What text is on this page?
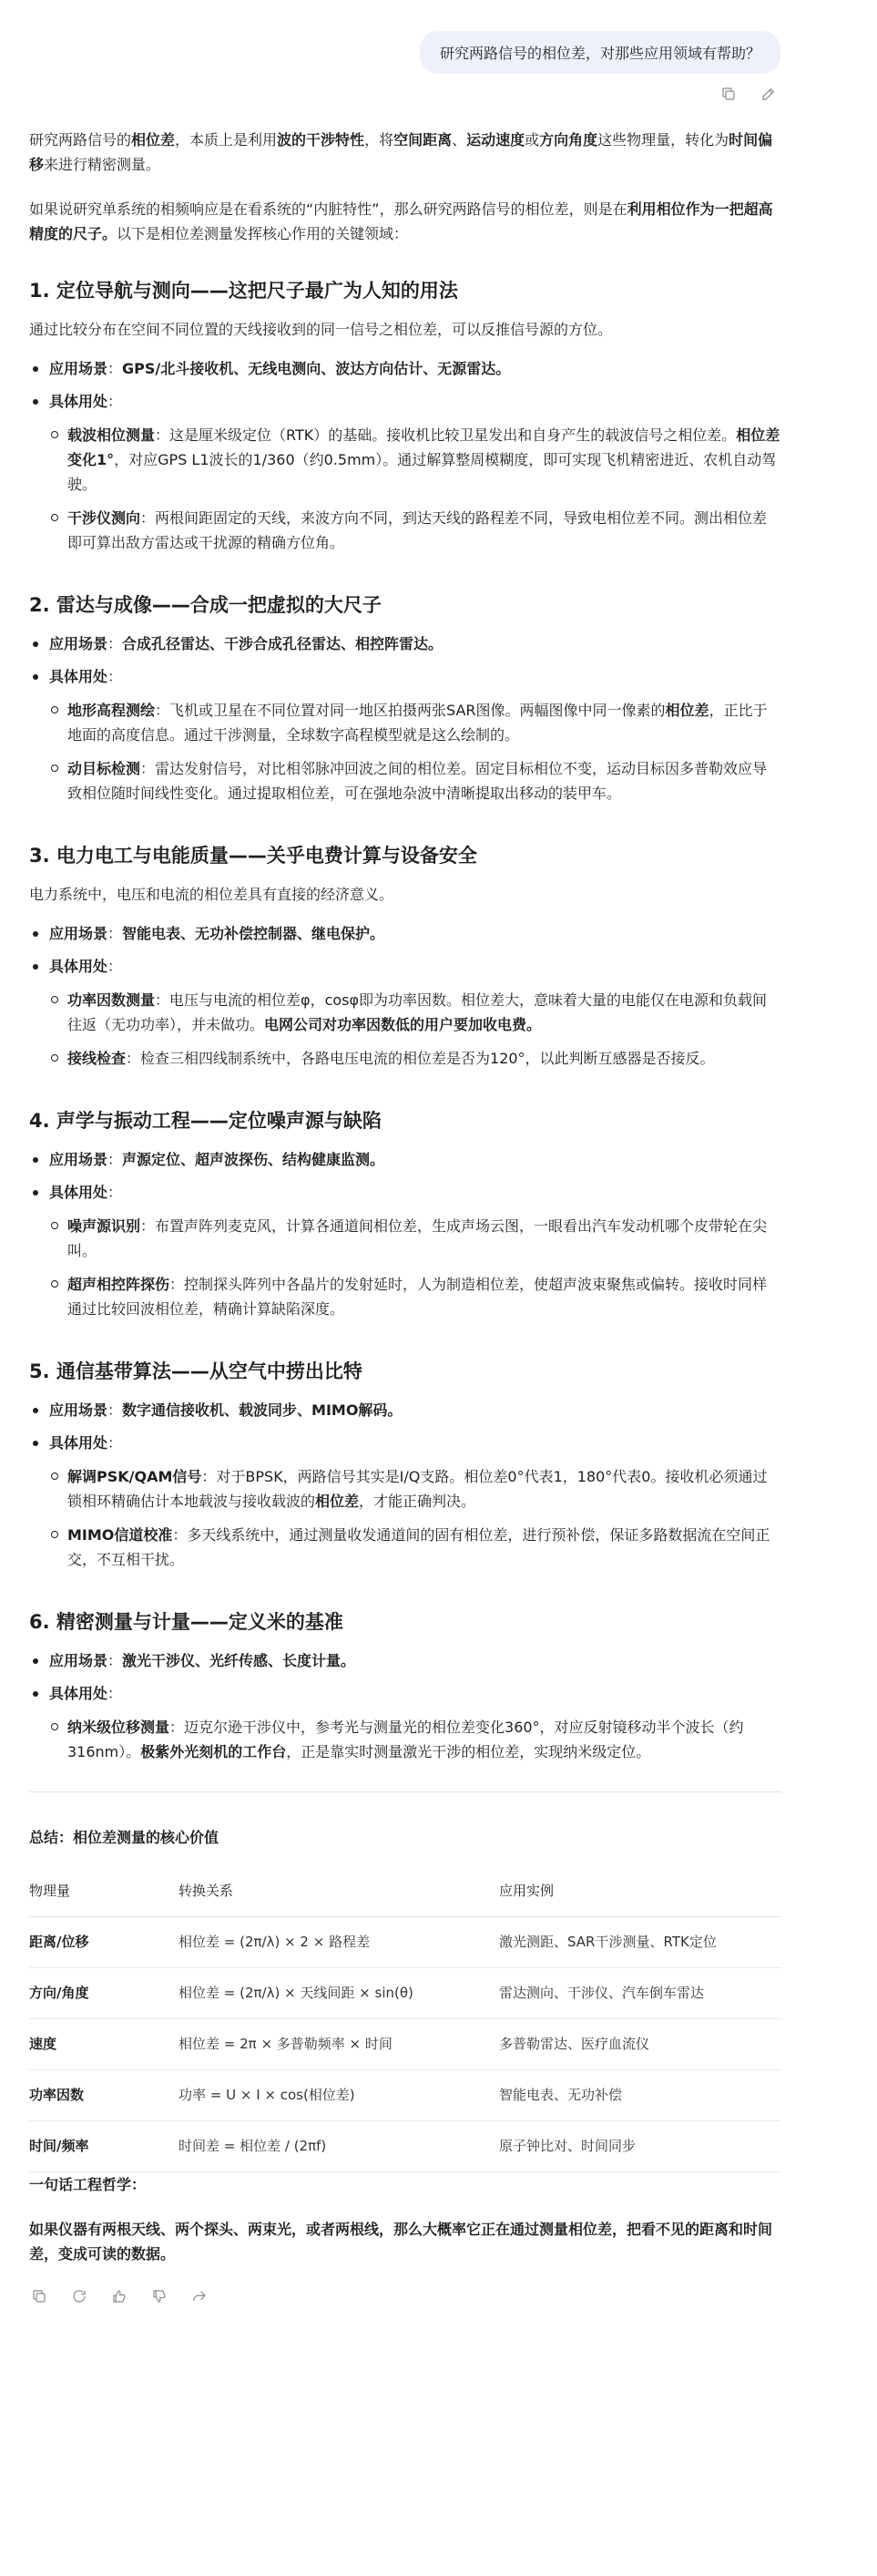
研究两路信号的相位差，对那些应用领域有帮助？

研究两路信号的相位差，本质上是利用波的干涉特性，将空间距离、运动速度或方向角度这些物理量，转化为时间偏移来进行精密测量。

如果说研究单系统的相频响应是在看系统的“内脏特性”，那么研究两路信号的相位差，则是在利用相位作为一把超高精度的尺子。以下是相位差测量发挥核心作用的关键领域：

1. 定位导航与测向——这把尺子最广为人知的用法

通过比较分布在空间不同位置的天线接收到的同一信号之相位差，可以反推信号源的方位。

应用场景：GPS/北斗接收机、无线电测向、波达方向估计、无源雷达。
具体用处：
载波相位测量：这是厘米级定位（RTK）的基础。接收机比较卫星发出和自身产生的载波信号之相位差。相位差变化1°，对应GPS L1波长的1/360（约0.5mm）。通过解算整周模糊度，即可实现飞机精密进近、农机自动驾驶。
干涉仪测向：两根间距固定的天线，来波方向不同，到达天线的路程差不同，导致电相位差不同。测出相位差即可算出敌方雷达或干扰源的精确方位角。
2. 雷达与成像——合成一把虚拟的大尺子
应用场景：合成孔径雷达、干涉合成孔径雷达、相控阵雷达。
具体用处：
地形高程测绘：飞机或卫星在不同位置对同一地区拍摄两张SAR图像。两幅图像中同一像素的相位差，正比于地面的高度信息。通过干涉测量，全球数字高程模型就是这么绘制的。
动目标检测：雷达发射信号，对比相邻脉冲回波之间的相位差。固定目标相位不变，运动目标因多普勒效应导致相位随时间线性变化。通过提取相位差，可在强地杂波中清晰提取出移动的装甲车。
3. 电力电工与电能质量——关乎电费计算与设备安全

电力系统中，电压和电流的相位差具有直接的经济意义。

应用场景：智能电表、无功补偿控制器、继电保护。
具体用处：
功率因数测量：电压与电流的相位差φ，cosφ即为功率因数。相位差大，意味着大量的电能仅在电源和负载间往返（无功功率），并未做功。电网公司对功率因数低的用户要加收电费。
接线检查：检查三相四线制系统中，各路电压电流的相位差是否为120°，以此判断互感器是否接反。
4. 声学与振动工程——定位噪声源与缺陷
应用场景：声源定位、超声波探伤、结构健康监测。
具体用处：
噪声源识别：布置声阵列麦克风，计算各通道间相位差，生成声场云图，一眼看出汽车发动机哪个皮带轮在尖叫。
超声相控阵探伤：控制探头阵列中各晶片的发射延时，人为制造相位差，使超声波束聚焦或偏转。接收时同样通过比较回波相位差，精确计算缺陷深度。
5. 通信基带算法——从空气中捞出比特
应用场景：数字通信接收机、载波同步、MIMO解码。
具体用处：
解调PSK/QAM信号：对于BPSK，两路信号其实是I/Q支路。相位差0°代表1，180°代表0。接收机必须通过锁相环精确估计本地载波与接收载波的相位差，才能正确判决。
MIMO信道校准：多天线系统中，通过测量收发通道间的固有相位差，进行预补偿，保证多路数据流在空间正交，不互相干扰。
6. 精密测量与计量——定义米的基准
应用场景：激光干涉仪、光纤传感、长度计量。
具体用处：
纳米级位移测量：迈克尔逊干涉仪中，参考光与测量光的相位差变化360°，对应反射镜移动半个波长（约316nm）。极紫外光刻机的工作台，正是靠实时测量激光干涉的相位差，实现纳米级定位。
总结：相位差测量的核心价值
物理量	转换关系	应用实例
距离/位移	相位差 = (2π/λ) × 2 × 路程差	激光测距、SAR干涉测量、RTK定位
方向/角度	相位差 = (2π/λ) × 天线间距 × sin(θ)	雷达测向、干涉仪、汽车倒车雷达
速度	相位差 = 2π × 多普勒频率 × 时间	多普勒雷达、医疗血流仪
功率因数	功率 = U × I × cos(相位差)	智能电表、无功补偿
时间/频率	时间差 = 相位差 / (2πf)	原子钟比对、时间同步

一句话工程哲学：

如果仪器有两根天线、两个探头、两束光，或者两根线，那么大概率它正在通过测量相位差，把看不见的距离和时间差，变成可读的数据。
